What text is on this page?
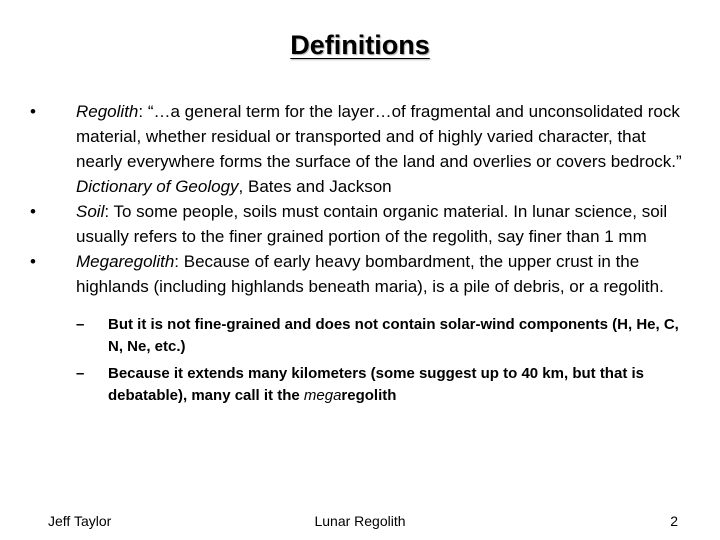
Definitions
•	Regolith: “…a general term for the layer…of fragmental and unconsolidated rock material, whether residual or transported and of highly varied character, that nearly everywhere forms the surface of the land and overlies or covers bedrock.” Dictionary of Geology, Bates and Jackson
•	Soil: To some people, soils must contain organic material. In lunar science, soil usually refers to the finer grained portion of the regolith, say finer than 1 mm
•	Megaregolith: Because of early heavy bombardment, the upper crust in the highlands (including highlands beneath maria), is a pile of debris, or a regolith.
–	But it is not fine-grained and does not contain solar-wind components (H, He, C, N, Ne, etc.)
–	Because it extends many kilometers (some suggest up to 40 km, but that is debatable), many call it the megaregolith
Jeff Taylor	Lunar Regolith	2
